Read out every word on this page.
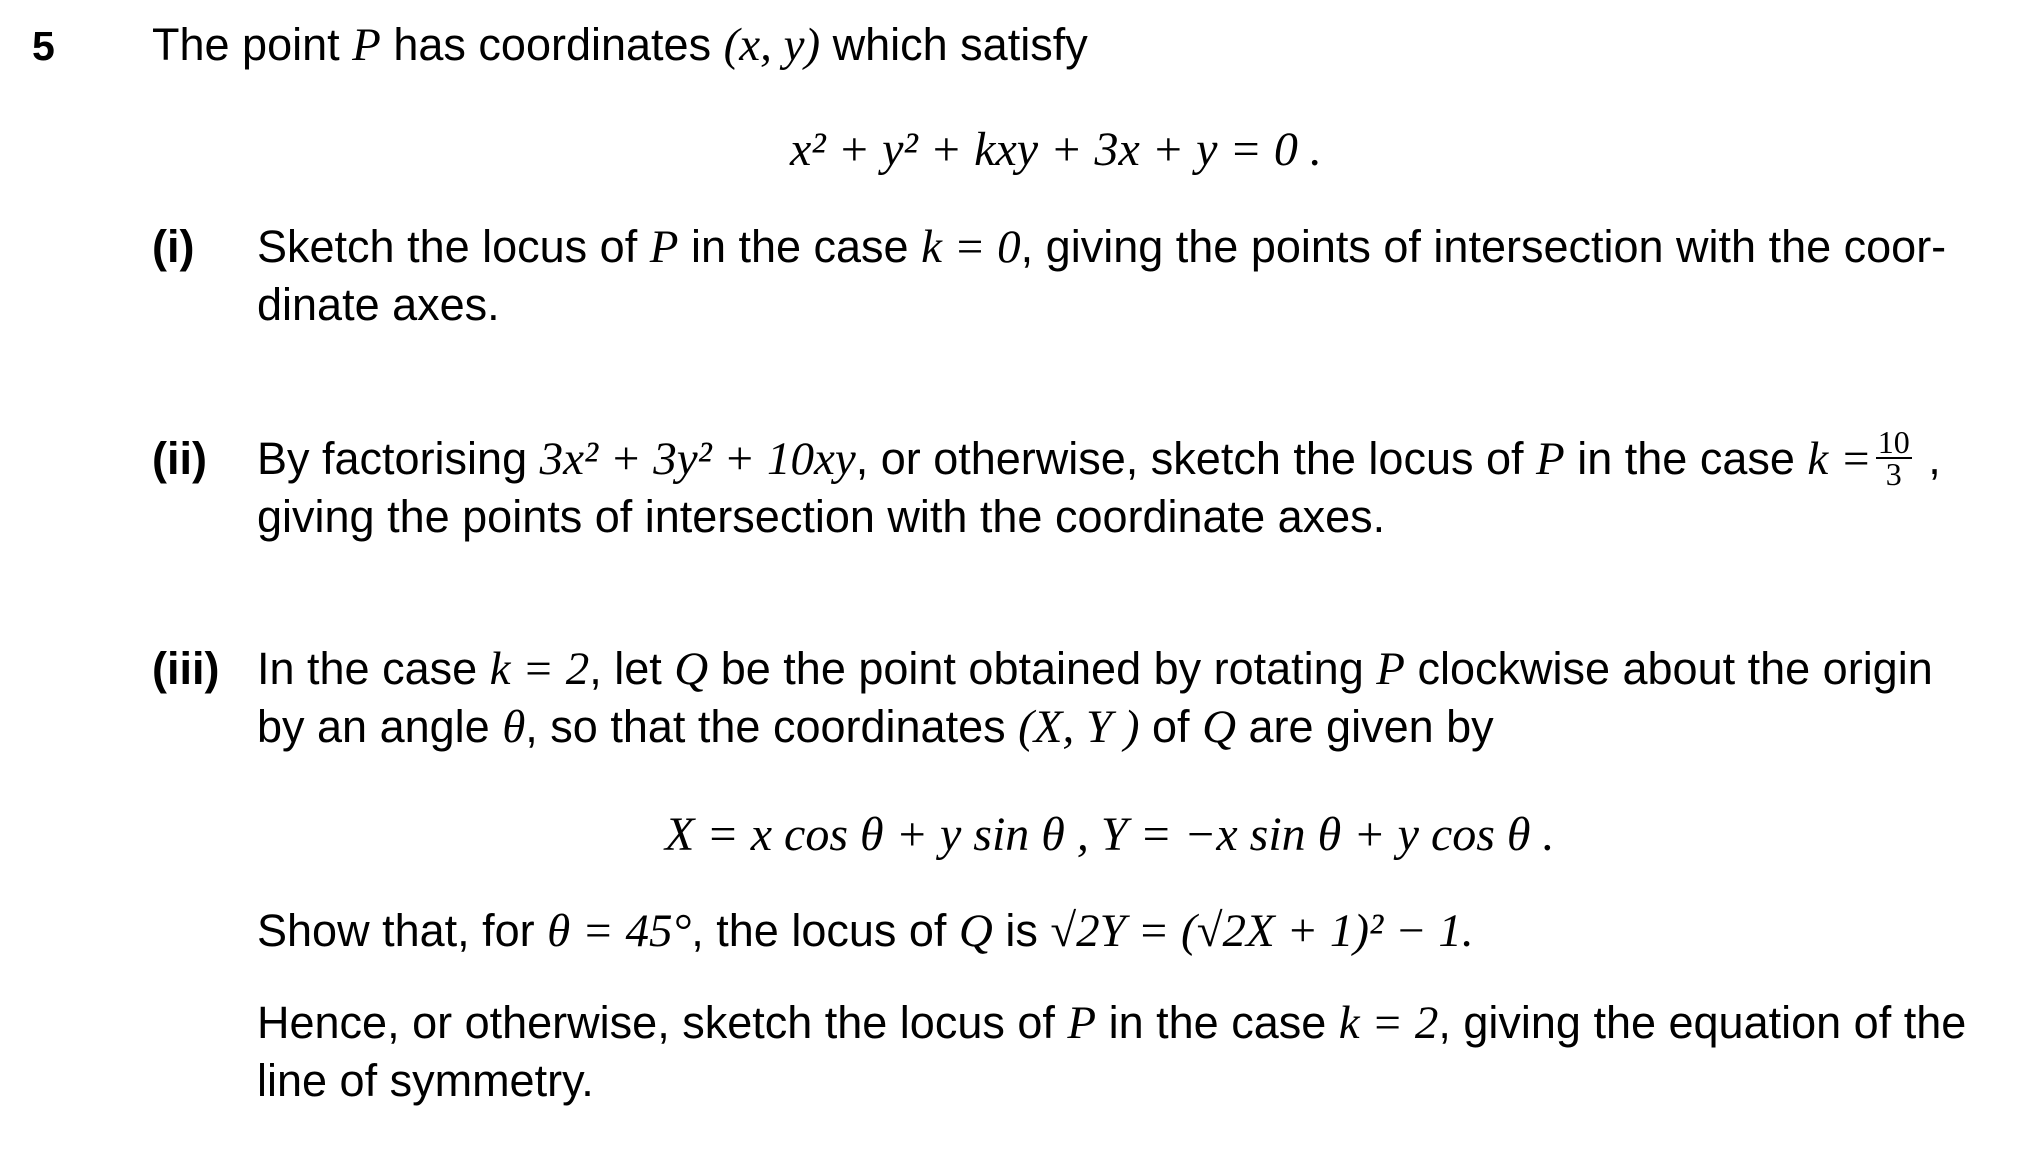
5 The point P has coordinates (x, y) which satisfy
x² + y² + kxy + 3x + y = 0 .
(i) Sketch the locus of P in the case k = 0, giving the points of intersection with the coor-
dinate axes.
(ii) By factorising 3x² + 3y² + 10xy, or otherwise, sketch the locus of P in the case $k = \frac{10}{3}$ ,
giving the points of intersection with the coordinate axes.
(iii) In the case k = 2, let Q be the point obtained by rotating P clockwise about the origin
by an angle θ, so that the coordinates (X, Y ) of Q are given by
X = x cos θ + y sin θ , Y = −x sin θ + y cos θ .
Show that, for θ = 45°, the locus of Q is √2Y = (√2X + 1)² − 1.
Hence, or otherwise, sketch the locus of P in the case k = 2, giving the equation of the
line of symmetry.
